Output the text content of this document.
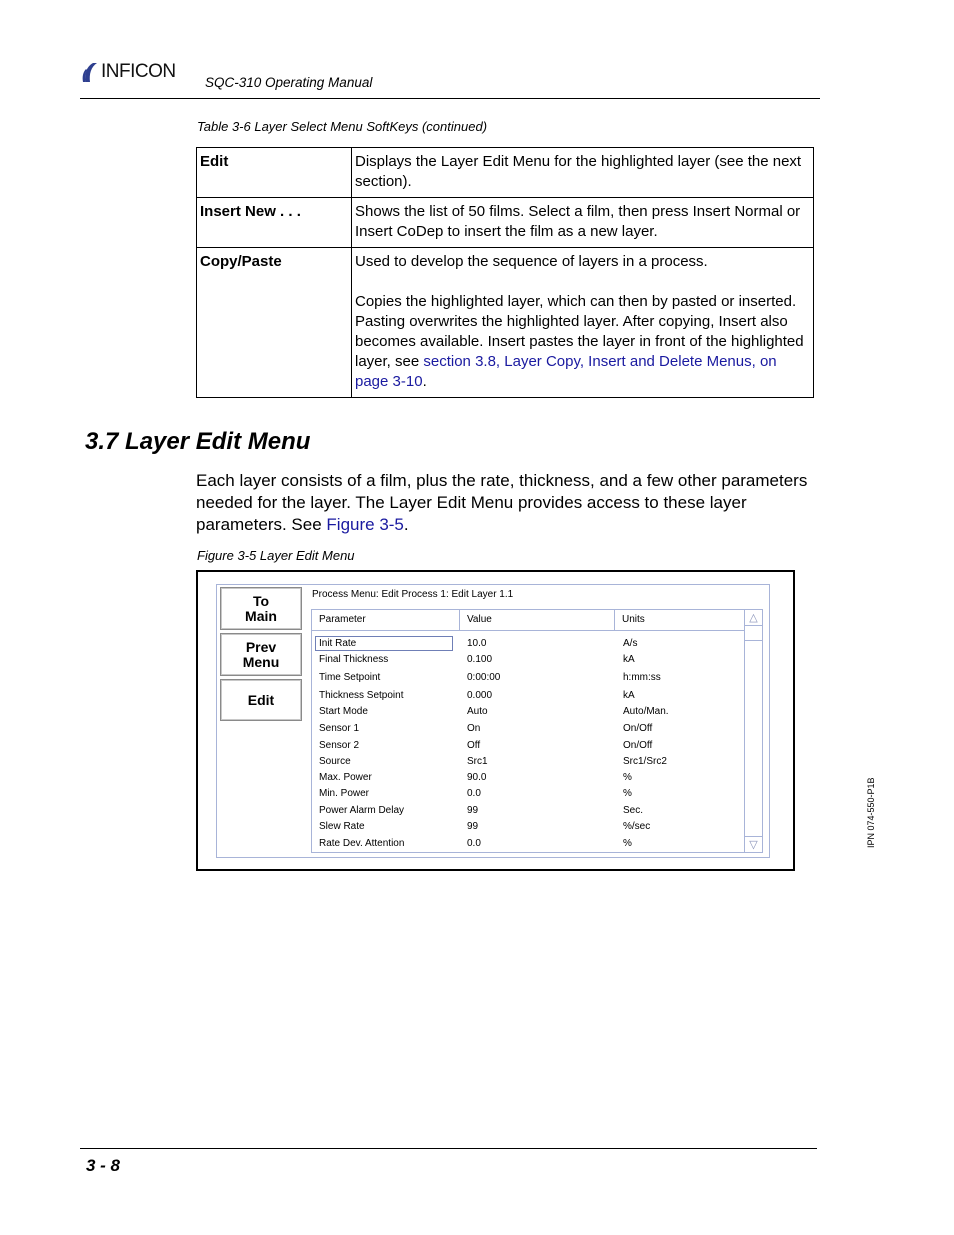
INFICON
SQC-310 Operating Manual
Table 3-6 Layer Select Menu SoftKeys (continued)
Edit	Displays the Layer Edit Menu for the highlighted layer (see the next section).
Insert New . . .	Shows the list of 50 films. Select a film, then press Insert Normal or Insert CoDep to insert the film as a new layer.
Copy/Paste	Used to develop the sequence of layers in a process.
Copies the highlighted layer, which can then by pasted or inserted. Pasting overwrites the highlighted layer. After copying, Insert also becomes available. Insert pastes the layer in front of the highlighted layer, see section 3.8, Layer Copy, Insert and Delete Menus, on page 3-10.
3.7 Layer Edit Menu
Each layer consists of a film, plus the rate, thickness, and a few other parameters needed for the layer. The Layer Edit Menu provides access to these layer parameters. See Figure 3-5.
Figure 3-5 Layer Edit Menu
To
Main
Prev
Menu
Edit
Process Menu: Edit Process 1: Edit Layer 1.1
Parameter	Value	Units
Init Rate	10.0	A/s
Final Thickness	0.100	kA
Time Setpoint	0:00:00	h:mm:ss
Thickness Setpoint	0.000	kA
Start Mode	Auto	Auto/Man.
Sensor 1	On	On/Off
Sensor 2	Off	On/Off
Source	Src1	Src1/Src2
Max. Power	90.0	%
Min. Power	0.0	%
Power Alarm Delay	99	Sec.
Slew Rate	99	%/sec
Rate Dev. Attention	0.0	%
△
▽	IPN 074-550-P1B
3 - 8
